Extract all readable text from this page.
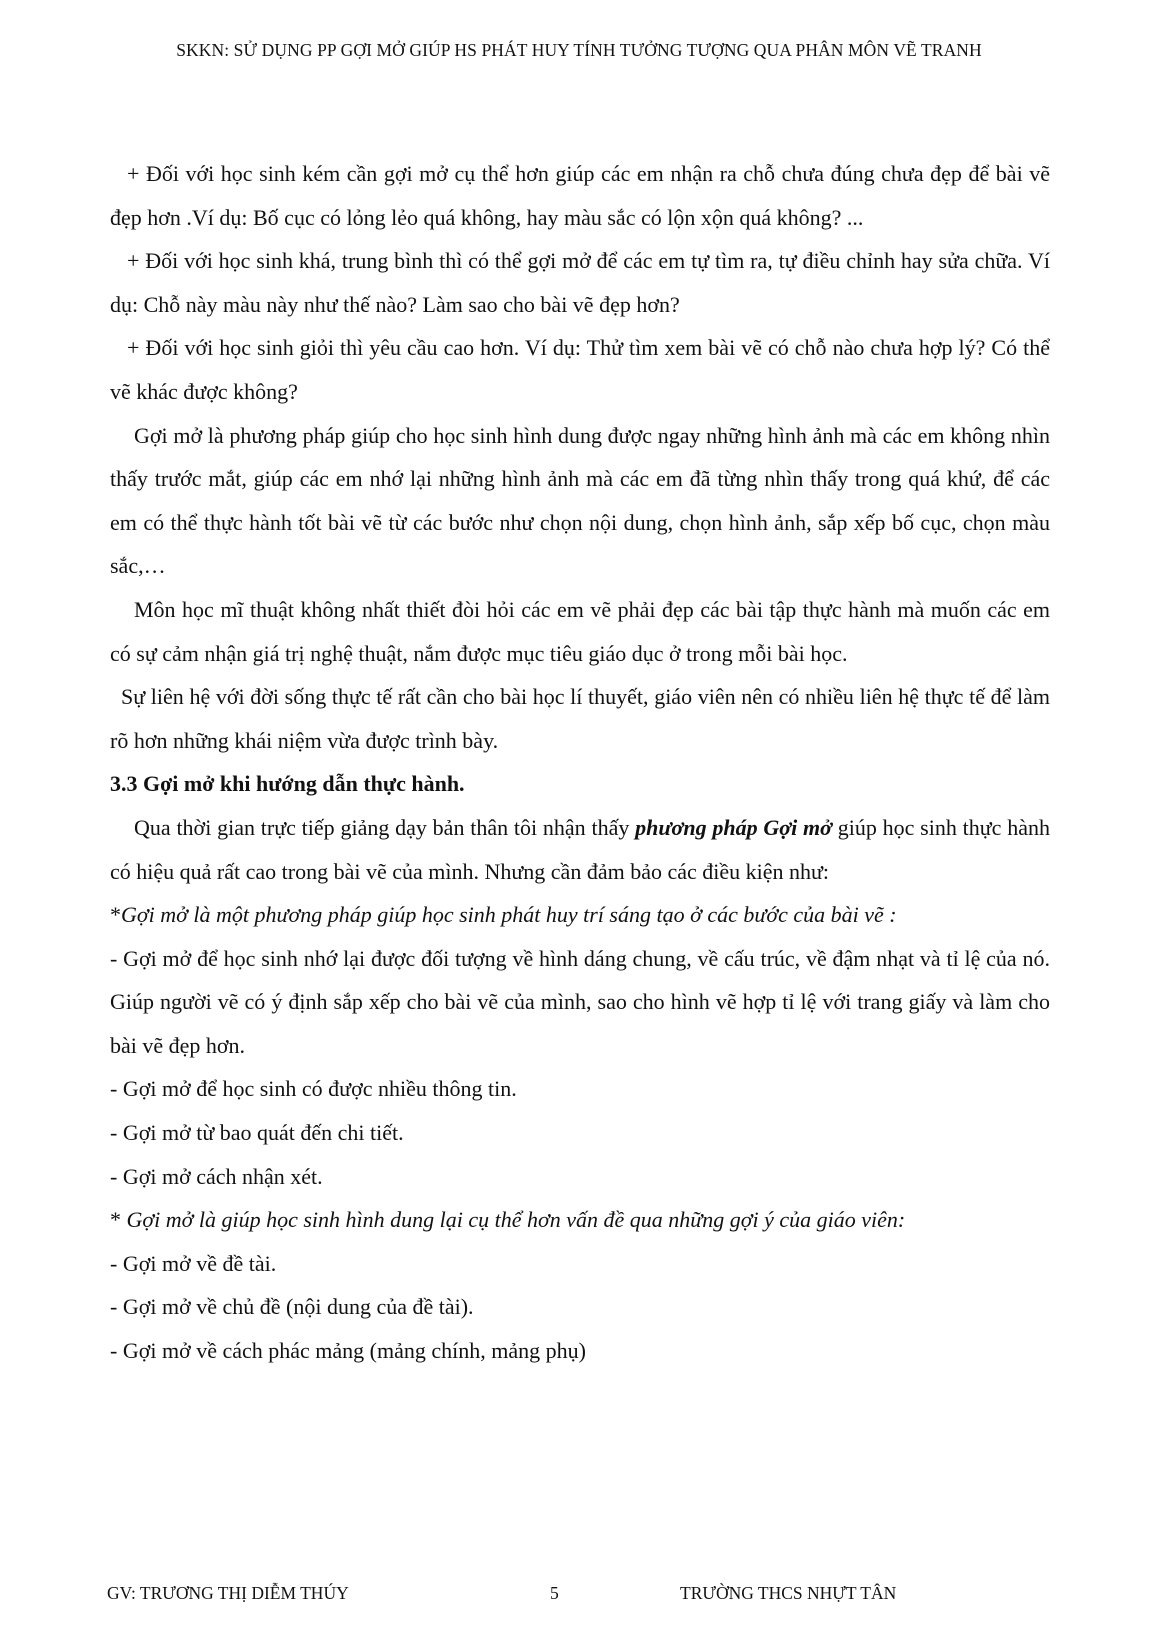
SKKN: SỬ DỤNG PP GỢI MỞ GIÚP HS PHÁT HUY TÍNH TƯỞNG TƯỢNG QUA PHÂN MÔN VẼ TRANH

+ Đối với học sinh kém cần gợi mở cụ thể hơn giúp các em nhận ra chỗ chưa đúng chưa đẹp để bài vẽ đẹp hơn .Ví dụ: Bố cục có lỏng lẻo quá không, hay màu sắc có lộn xộn quá không? ...

+ Đối với học sinh khá, trung bình thì có thể gợi mở để các em tự tìm ra, tự điều chỉnh hay sửa chữa. Ví dụ: Chỗ này màu này như thế nào? Làm sao cho bài vẽ đẹp hơn?

+ Đối với học sinh giỏi thì yêu cầu cao hơn. Ví dụ: Thử tìm xem bài vẽ có chỗ nào chưa hợp lý? Có thể vẽ khác được không?

Gợi mở là phương pháp giúp cho học sinh hình dung được ngay những hình ảnh mà các em không nhìn thấy trước mắt, giúp các em nhớ lại những hình ảnh mà các em đã từng nhìn thấy trong quá khứ, để các em có thể thực hành tốt bài vẽ từ các bước như chọn nội dung, chọn hình ảnh, sắp xếp bố cục, chọn màu sắc,…

Môn học mĩ thuật không nhất thiết đòi hỏi các em vẽ phải đẹp các bài tập thực hành mà muốn các em có sự cảm nhận giá trị nghệ thuật, nắm được mục tiêu giáo dục ở trong mỗi bài học.

Sự liên hệ với đời sống thực tế rất cần cho bài học lí thuyết, giáo viên nên có nhiều liên hệ thực tế để làm rõ hơn những khái niệm vừa được trình bày.

3.3 Gợi mở khi hướng dẫn thực hành.

Qua thời gian trực tiếp giảng dạy bản thân tôi nhận thấy phương pháp Gợi mở giúp học sinh thực hành có hiệu quả rất cao trong bài vẽ của mình. Nhưng cần đảm bảo các điều kiện như:

*Gợi mở là một phương pháp giúp học sinh phát huy trí sáng tạo ở các bước của bài vẽ :

- Gợi mở để học sinh nhớ lại được đối tượng về hình dáng chung, về cấu trúc, về đậm nhạt và tỉ lệ của nó. Giúp người vẽ có ý định sắp xếp cho bài vẽ của mình, sao cho hình vẽ hợp tỉ lệ với trang giấy và làm cho bài vẽ đẹp hơn.

- Gợi mở để học sinh có được nhiều thông tin.

- Gợi mở từ bao quát đến chi tiết.

- Gợi mở cách nhận xét.

* Gợi mở là giúp học sinh hình dung lại cụ thể hơn vấn đề qua những gợi ý của giáo viên:

- Gợi mở về đề tài.

- Gợi mở về chủ đề (nội dung của đề tài).

- Gợi mở về cách phác mảng (mảng chính, mảng phụ)

GV: TRƯƠNG THỊ DIỄM THÚY	5	TRƯỜNG THCS NHỰT TÂN
